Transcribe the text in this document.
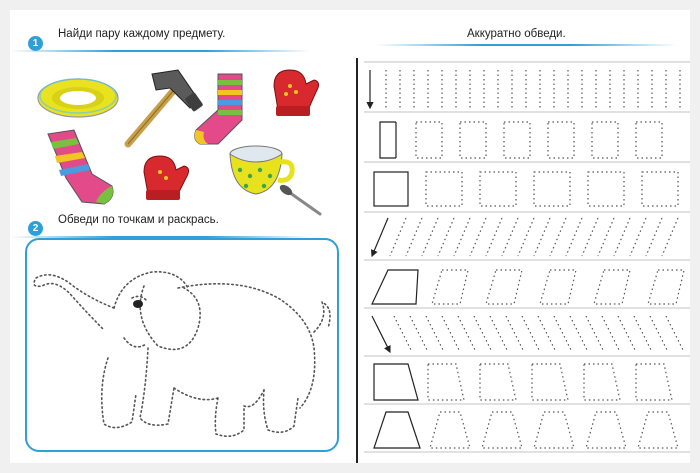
1
Найди пару каждому предмету.
2
Обведи по точкам и раскрась.
Аккуратно обведи.
